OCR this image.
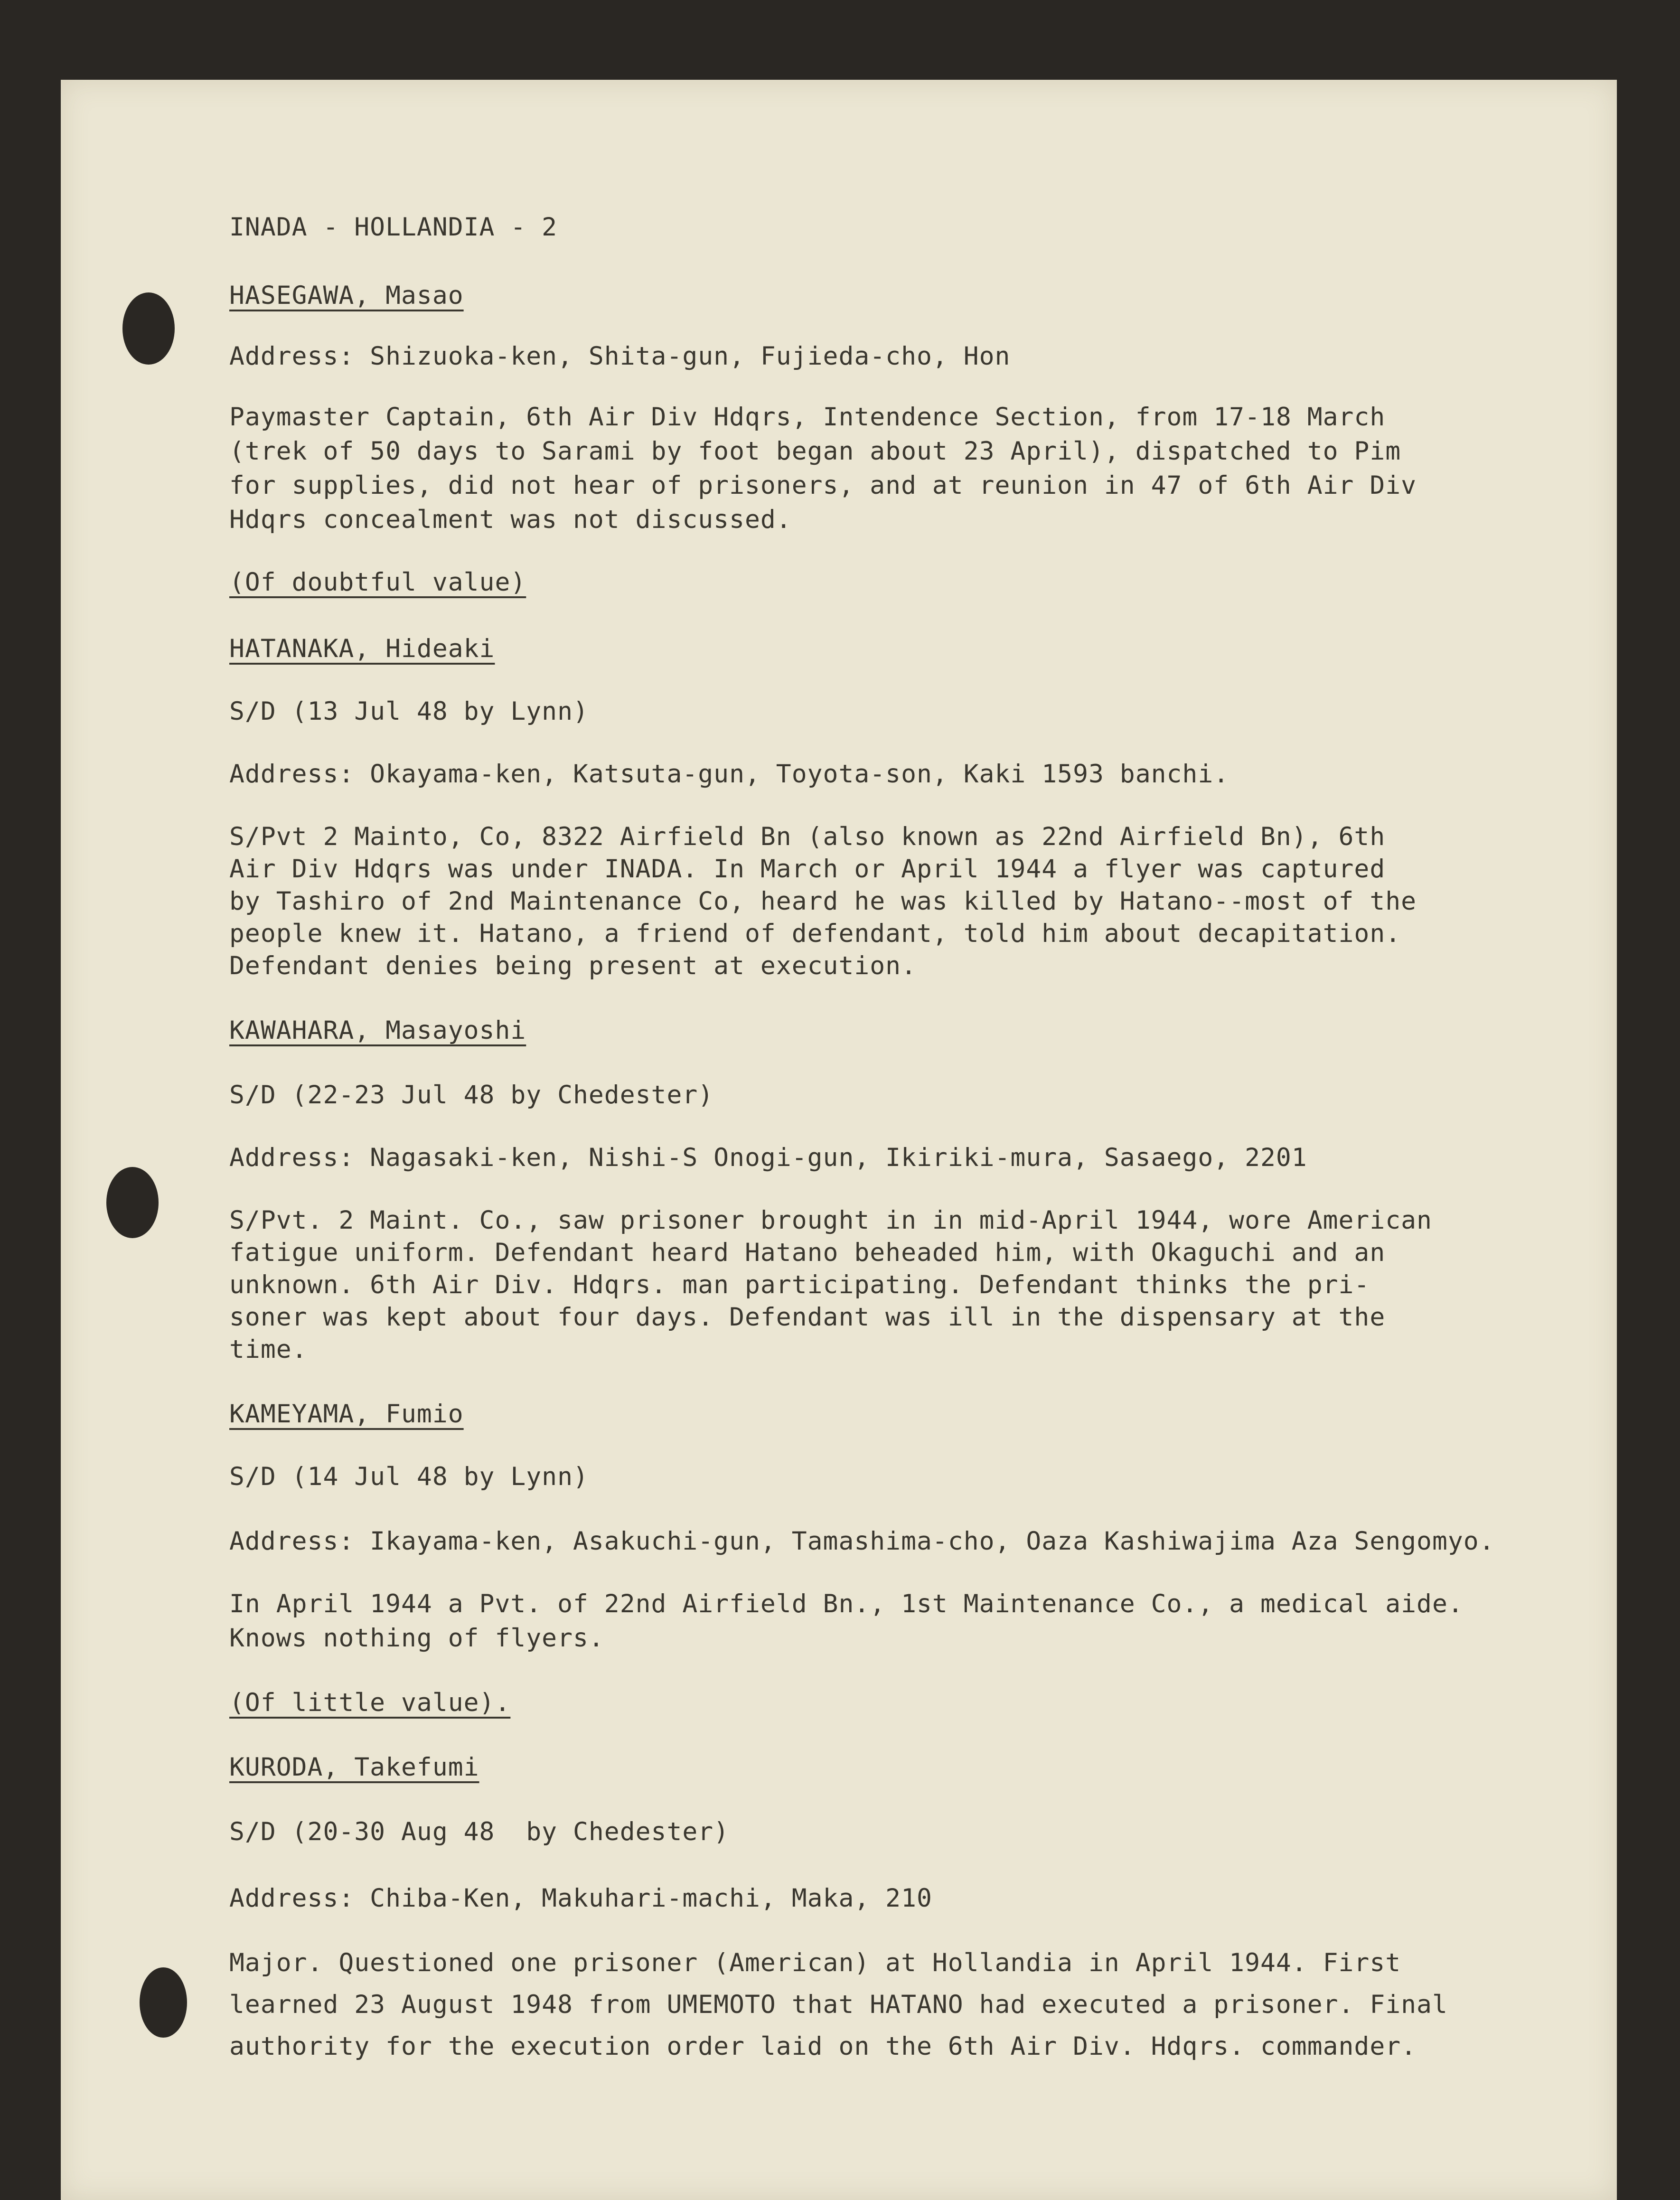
INADA - HOLLANDIA - 2
HASEGAWA, Masao
Address: Shizuoka-ken, Shita-gun, Fujieda-cho, Hon
Paymaster Captain, 6th Air Div Hdqrs, Intendence Section, from 17-18 March
(trek of 50 days to Sarami by foot began about 23 April), dispatched to Pim
for supplies, did not hear of prisoners, and at reunion in 47 of 6th Air Div
Hdqrs concealment was not discussed.
(Of doubtful value)
HATANAKA, Hideaki
S/D (13 Jul 48 by Lynn)
Address: Okayama-ken, Katsuta-gun, Toyota-son, Kaki 1593 banchi.
S/Pvt 2 Mainto, Co, 8322 Airfield Bn (also known as 22nd Airfield Bn), 6th
Air Div Hdqrs was under INADA. In March or April 1944 a flyer was captured
by Tashiro of 2nd Maintenance Co, heard he was killed by Hatano--most of the
people knew it. Hatano, a friend of defendant, told him about decapitation.
Defendant denies being present at execution.
KAWAHARA, Masayoshi
S/D (22-23 Jul 48 by Chedester)
Address: Nagasaki-ken, Nishi-S Onogi-gun, Ikiriki-mura, Sasaego, 2201
S/Pvt. 2 Maint. Co., saw prisoner brought in in mid-April 1944, wore American
fatigue uniform. Defendant heard Hatano beheaded him, with Okaguchi and an
unknown. 6th Air Div. Hdqrs. man participating. Defendant thinks the pri-
soner was kept about four days. Defendant was ill in the dispensary at the
time.
KAMEYAMA, Fumio
S/D (14 Jul 48 by Lynn)
Address: Ikayama-ken, Asakuchi-gun, Tamashima-cho, Oaza Kashiwajima Aza Sengomyo.
In April 1944 a Pvt. of 22nd Airfield Bn., 1st Maintenance Co., a medical aide.
Knows nothing of flyers.
(Of little value).
KURODA, Takefumi
S/D (20-30 Aug 48  by Chedester)
Address: Chiba-Ken, Makuhari-machi, Maka, 210
Major. Questioned one prisoner (American) at Hollandia in April 1944. First
learned 23 August 1948 from UMEMOTO that HATANO had executed a prisoner. Final
authority for the execution order laid on the 6th Air Div. Hdqrs. commander.
